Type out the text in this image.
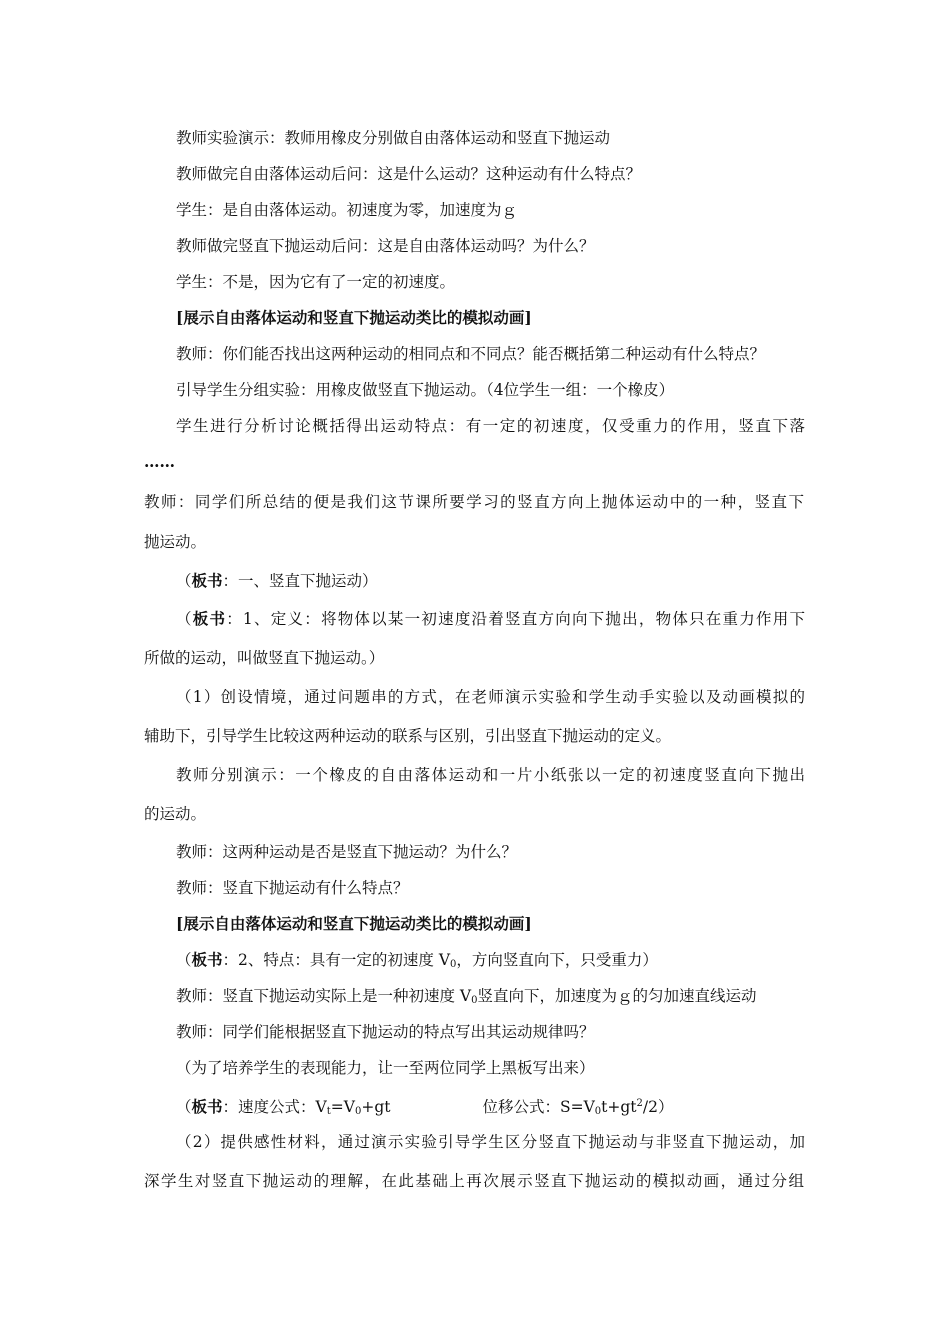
教师实验演示：教师用橡皮分别做自由落体运动和竖直下抛运动
教师做完自由落体运动后问：这是什么运动？这种运动有什么特点？
学生：是自由落体运动。初速度为零，加速度为ｇ
教师做完竖直下抛运动后问：这是自由落体运动吗？为什么？
学生：不是，因为它有了一定的初速度。
[展示自由落体运动和竖直下抛运动类比的模拟动画]
教师：你们能否找出这两种运动的相同点和不同点？能否概括第二种运动有什么特点？
引导学生分组实验：用橡皮做竖直下抛运动。（4位学生一组：一个橡皮）
学生进行分析讨论概括得出运动特点：有一定的初速度，仅受重力的作用，竖直下落
……
教师：同学们所总结的便是我们这节课所要学习的竖直方向上抛体运动中的一种，竖直下
抛运动。
（板书：一、竖直下抛运动）
（板书：1、定义：将物体以某一初速度沿着竖直方向向下抛出，物体只在重力作用下
所做的运动，叫做竖直下抛运动。）
（1）创设情境，通过问题串的方式，在老师演示实验和学生动手实验以及动画模拟的
辅助下，引导学生比较这两种运动的联系与区别，引出竖直下抛运动的定义。
教师分别演示：一个橡皮的自由落体运动和一片小纸张以一定的初速度竖直向下抛出
的运动。
教师：这两种运动是否是竖直下抛运动？为什么？
教师：竖直下抛运动有什么特点？
[展示自由落体运动和竖直下抛运动类比的模拟动画]
（板书：2、特点：具有一定的初速度 $V_0$，方向竖直向下，只受重力）
教师：竖直下抛运动实际上是一种初速度 $V_0$竖直向下，加速度为ｇ的匀加速直线运动
教师：同学们能根据竖直下抛运动的特点写出其运动规律吗？
（为了培养学生的表现能力，让一至两位同学上黑板写出来）
（板书：速度公式：$V_t=V_0+gt$	位移公式：$S=V_0t+gt^2/2$）
（2）提供感性材料，通过演示实验引导学生区分竖直下抛运动与非竖直下抛运动，加
深学生对竖直下抛运动的理解，在此基础上再次展示竖直下抛运动的模拟动画，通过分组
